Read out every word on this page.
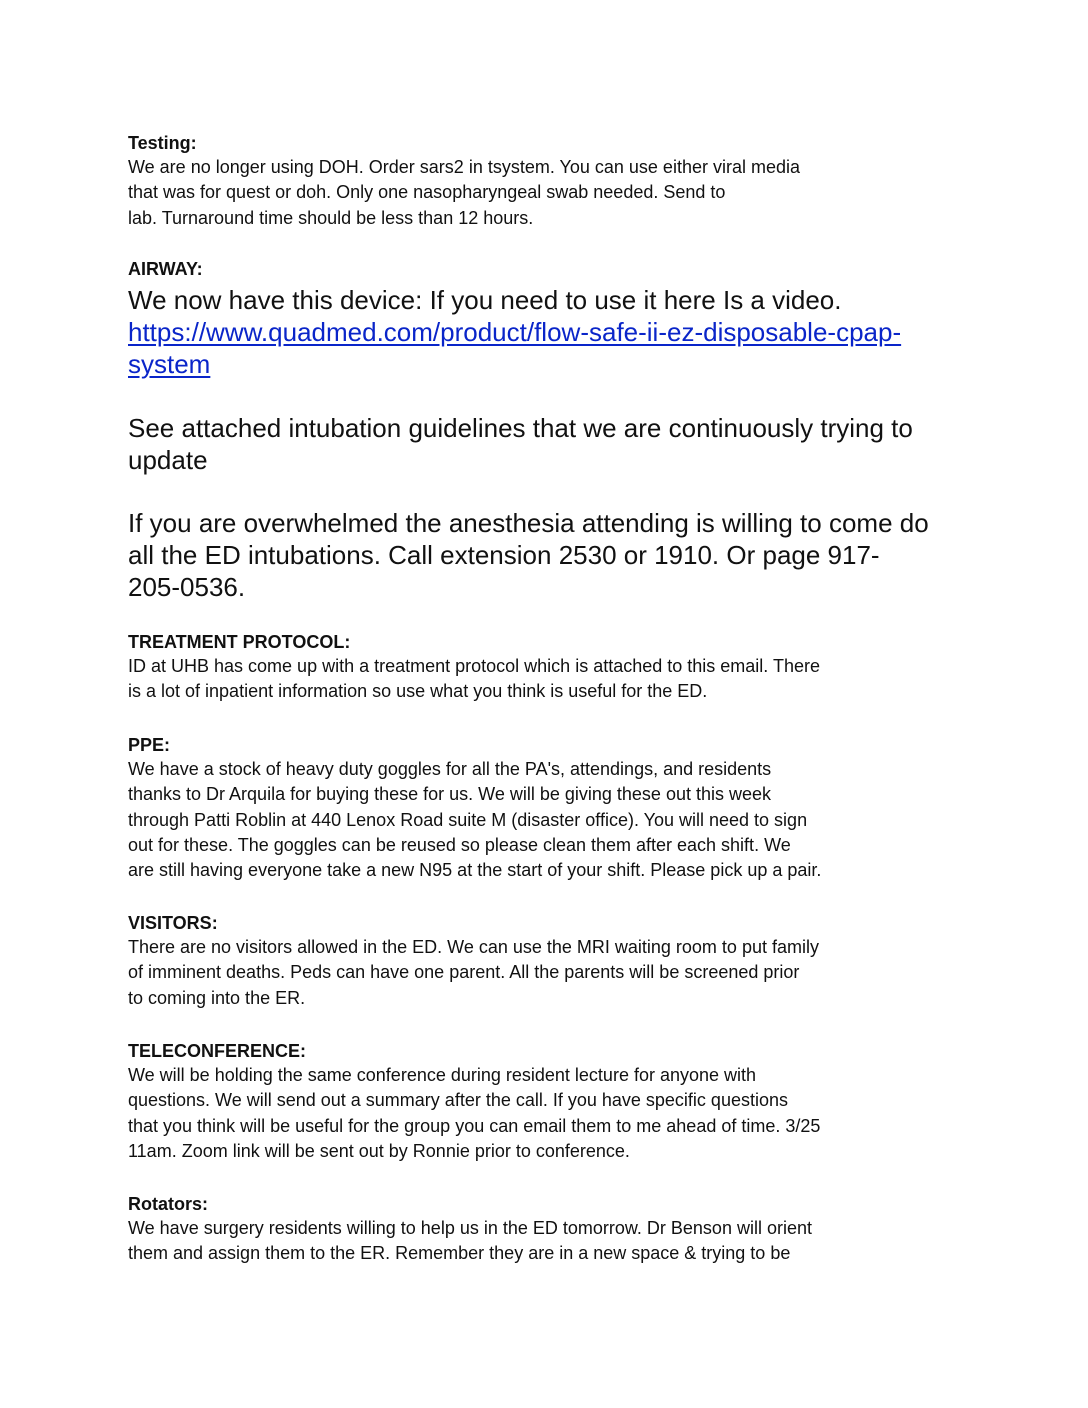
Testing:

We are no longer using DOH. Order sars2 in tsystem. You can use either viral media

that was for quest or doh. Only one nasopharyngeal swab needed. Send to

lab. Turnaround time should be less than 12 hours.

AIRWAY:

We now have this device: If you need to use it here Is a video.

https://www.quadmed.com/product/flow-safe-ii-ez-disposable-cpap-

system

See attached intubation guidelines that we are continuously trying to

update

If you are overwhelmed the anesthesia attending is willing to come do

all the ED intubations. Call extension 2530 or 1910. Or page 917-

205-0536.

TREATMENT PROTOCOL:

ID at UHB has come up with a treatment protocol which is attached to this email. There

is a lot of inpatient information so use what you think is useful for the ED.

PPE:

We have a stock of heavy duty goggles for all the PA's, attendings, and residents

thanks to Dr Arquila for buying these for us. We will be giving these out this week

through Patti Roblin at 440 Lenox Road suite M (disaster office). You will need to sign

out for these. The goggles can be reused so please clean them after each shift. We

are still having everyone take a new N95 at the start of your shift. Please pick up a pair.

VISITORS:

There are no visitors allowed in the ED. We can use the MRI waiting room to put family

of imminent deaths. Peds can have one parent. All the parents will be screened prior

to coming into the ER.

TELECONFERENCE:

We will be holding the same conference during resident lecture for anyone with

questions. We will send out a summary after the call. If you have specific questions

that you think will be useful for the group you can email them to me ahead of time. 3/25

11am. Zoom link will be sent out by Ronnie prior to conference.

Rotators:

We have surgery residents willing to help us in the ED tomorrow. Dr Benson will orient

them and assign them to the ER. Remember they are in a new space & trying to be
